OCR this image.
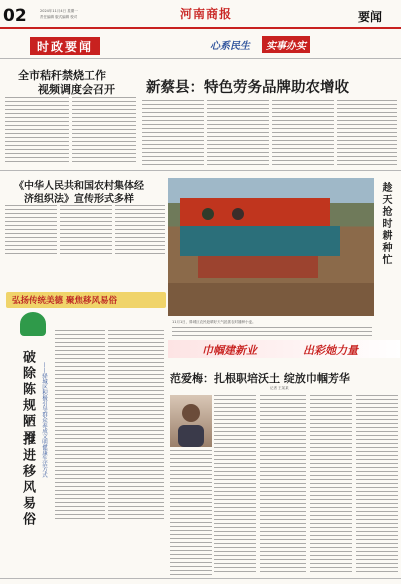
02	2024年11月4日 星期一
责任编辑 版式编辑 校对	河南商报	要闻
时政要闻	心系民生	实事办实
全市秸秆禁烧工作
视频调度会召开 新蔡县：特色劳务品牌助农增收
《中华人民共和国农村集体经
济组织法》宣传形式多样	趁天抢时耕种忙
弘扬传统美德 聚焦移风易俗
破除陈规陋习
推进移风易俗
——驿城区积极引导群众养成文明健康生活方式
11月1日，驿城区农民趁晴好天气抢抓农时播种小麦。
巾帼建新业	出彩她力量
范爱梅：扎根职培沃土 绽放巾帼芳华
记者 王某某
